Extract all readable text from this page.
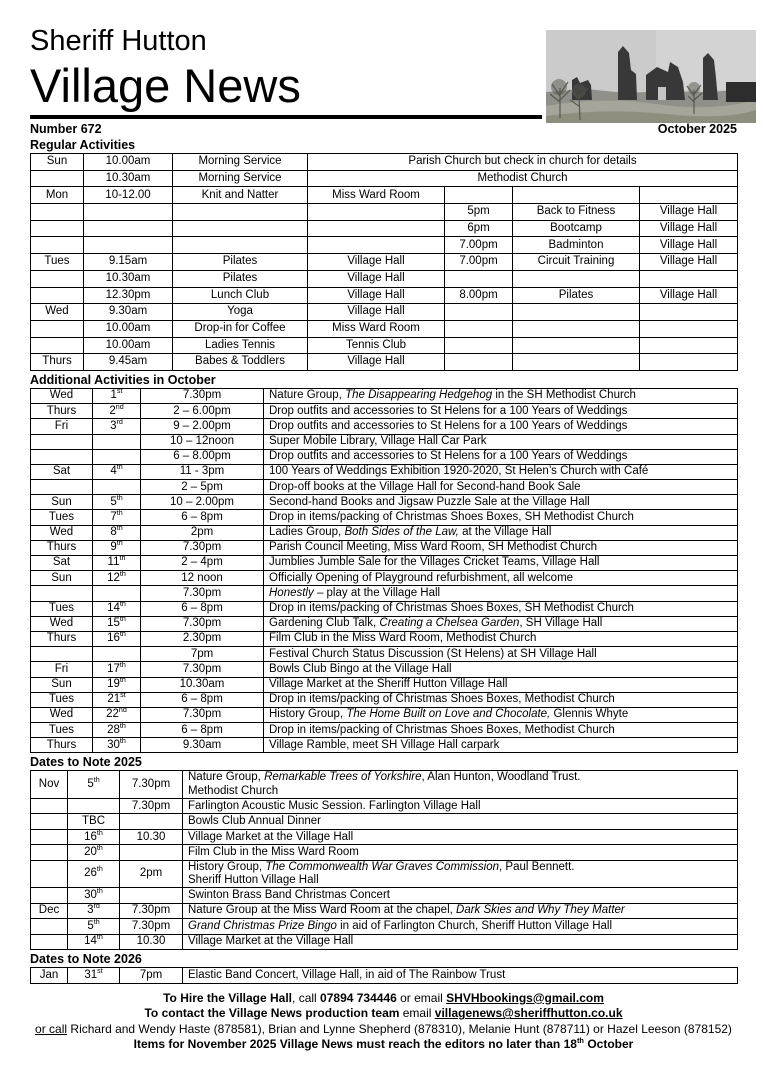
Sheriff Hutton
Village News
Number 672	October 2025
Regular Activities
Sun	10.00am	Morning Service	Parish Church but check in church for details			
	10.30am	Morning Service	Methodist Church			
Mon	10-12.00	Knit and Natter	Miss Ward Room			
				5pm	Back to Fitness	Village Hall
				6pm	Bootcamp	Village Hall
				7.00pm	Badminton	Village Hall
Tues	9.15am	Pilates	Village Hall	7.00pm	Circuit Training	Village Hall
	10.30am	Pilates	Village Hall			
	12.30pm	Lunch Club	Village Hall	8.00pm	Pilates	Village Hall
Wed	9.30am	Yoga	Village Hall			
	10.00am	Drop-in for Coffee	Miss Ward Room			
	10.00am	Ladies Tennis	Tennis Club			
Thurs	9.45am	Babes & Toddlers	Village Hall			
Additional Activities in October
Wed	1st	7.30pm	Nature Group, The Disappearing Hedgehog in the SH Methodist Church
Thurs	2nd	2 – 6.00pm	Drop outfits and accessories to St Helens for a 100 Years of Weddings
Fri	3rd	9 – 2.00pm	Drop outfits and accessories to St Helens for a 100 Years of Weddings
		10 – 12noon	Super Mobile Library, Village Hall Car Park
		6 – 8.00pm	Drop outfits and accessories to St Helens for a 100 Years of Weddings
Sat	4th	11 - 3pm	100 Years of Weddings Exhibition 1920-2020, St Helen’s Church with Café
		2 – 5pm	Drop-off books at the Village Hall for Second-hand Book Sale
Sun	5th	10 – 2.00pm	Second-hand Books and Jigsaw Puzzle Sale at the Village Hall
Tues	7th	6 – 8pm	Drop in items/packing of Christmas Shoes Boxes, SH Methodist Church
Wed	8th	2pm	Ladies Group, Both Sides of the Law, at the Village Hall
Thurs	9th	7.30pm	Parish Council Meeting, Miss Ward Room, SH Methodist Church
Sat	11th	2 – 4pm	Jumblies Jumble Sale for the Villages Cricket Teams, Village Hall
Sun	12th	12 noon	Officially Opening of Playground refurbishment, all welcome
		7.30pm	Honestly – play at the Village Hall
Tues	14th	6 – 8pm	Drop in items/packing of Christmas Shoes Boxes, SH Methodist Church
Wed	15th	7.30pm	Gardening Club Talk, Creating a Chelsea Garden, SH Village Hall
Thurs	16th	2.30pm	Film Club in the Miss Ward Room, Methodist Church
		7pm	Festival Church Status Discussion (St Helens) at SH Village Hall
Fri	17th	7.30pm	Bowls Club Bingo at the Village Hall
Sun	19th	10.30am	Village Market at the Sheriff Hutton Village Hall
Tues	21st	6 – 8pm	Drop in items/packing of Christmas Shoes Boxes, Methodist Church
Wed	22nd	7.30pm	History Group, The Home Built on Love and Chocolate, Glennis Whyte
Tues	28th	6 – 8pm	Drop in items/packing of Christmas Shoes Boxes, Methodist Church
Thurs	30th	9.30am	Village Ramble, meet SH Village Hall carpark
Dates to Note 2025
Nov	5th	7.30pm	Nature Group, Remarkable Trees of Yorkshire, Alan Hunton, Woodland Trust.
Methodist Church
		7.30pm	Farlington Acoustic Music Session. Farlington Village Hall
	TBC		Bowls Club Annual Dinner
	16th	10.30	Village Market at the Village Hall
	20th		Film Club in the Miss Ward Room
	26th	2pm	History Group, The Commonwealth War Graves Commission, Paul Bennett.
Sheriff Hutton Village Hall
	30th		Swinton Brass Band Christmas Concert
Dec	3rd	7.30pm	Nature Group at the Miss Ward Room at the chapel, Dark Skies and Why They Matter
	5th	7.30pm	Grand Christmas Prize Bingo in aid of Farlington Church, Sheriff Hutton Village Hall
	14th	10.30	Village Market at the Village Hall
Dates to Note 2026
Jan	31st	7pm	Elastic Band Concert, Village Hall, in aid of The Rainbow Trust
To Hire the Village Hall, call 07894 734446 or email SHVHbookings@gmail.com
To contact the Village News production team email villagenews@sheriffhutton.co.uk
or call Richard and Wendy Haste (878581), Brian and Lynne Shepherd (878310), Melanie Hunt (878711) or Hazel Leeson (878152)
Items for November 2025 Village News must reach the editors no later than 18th October
